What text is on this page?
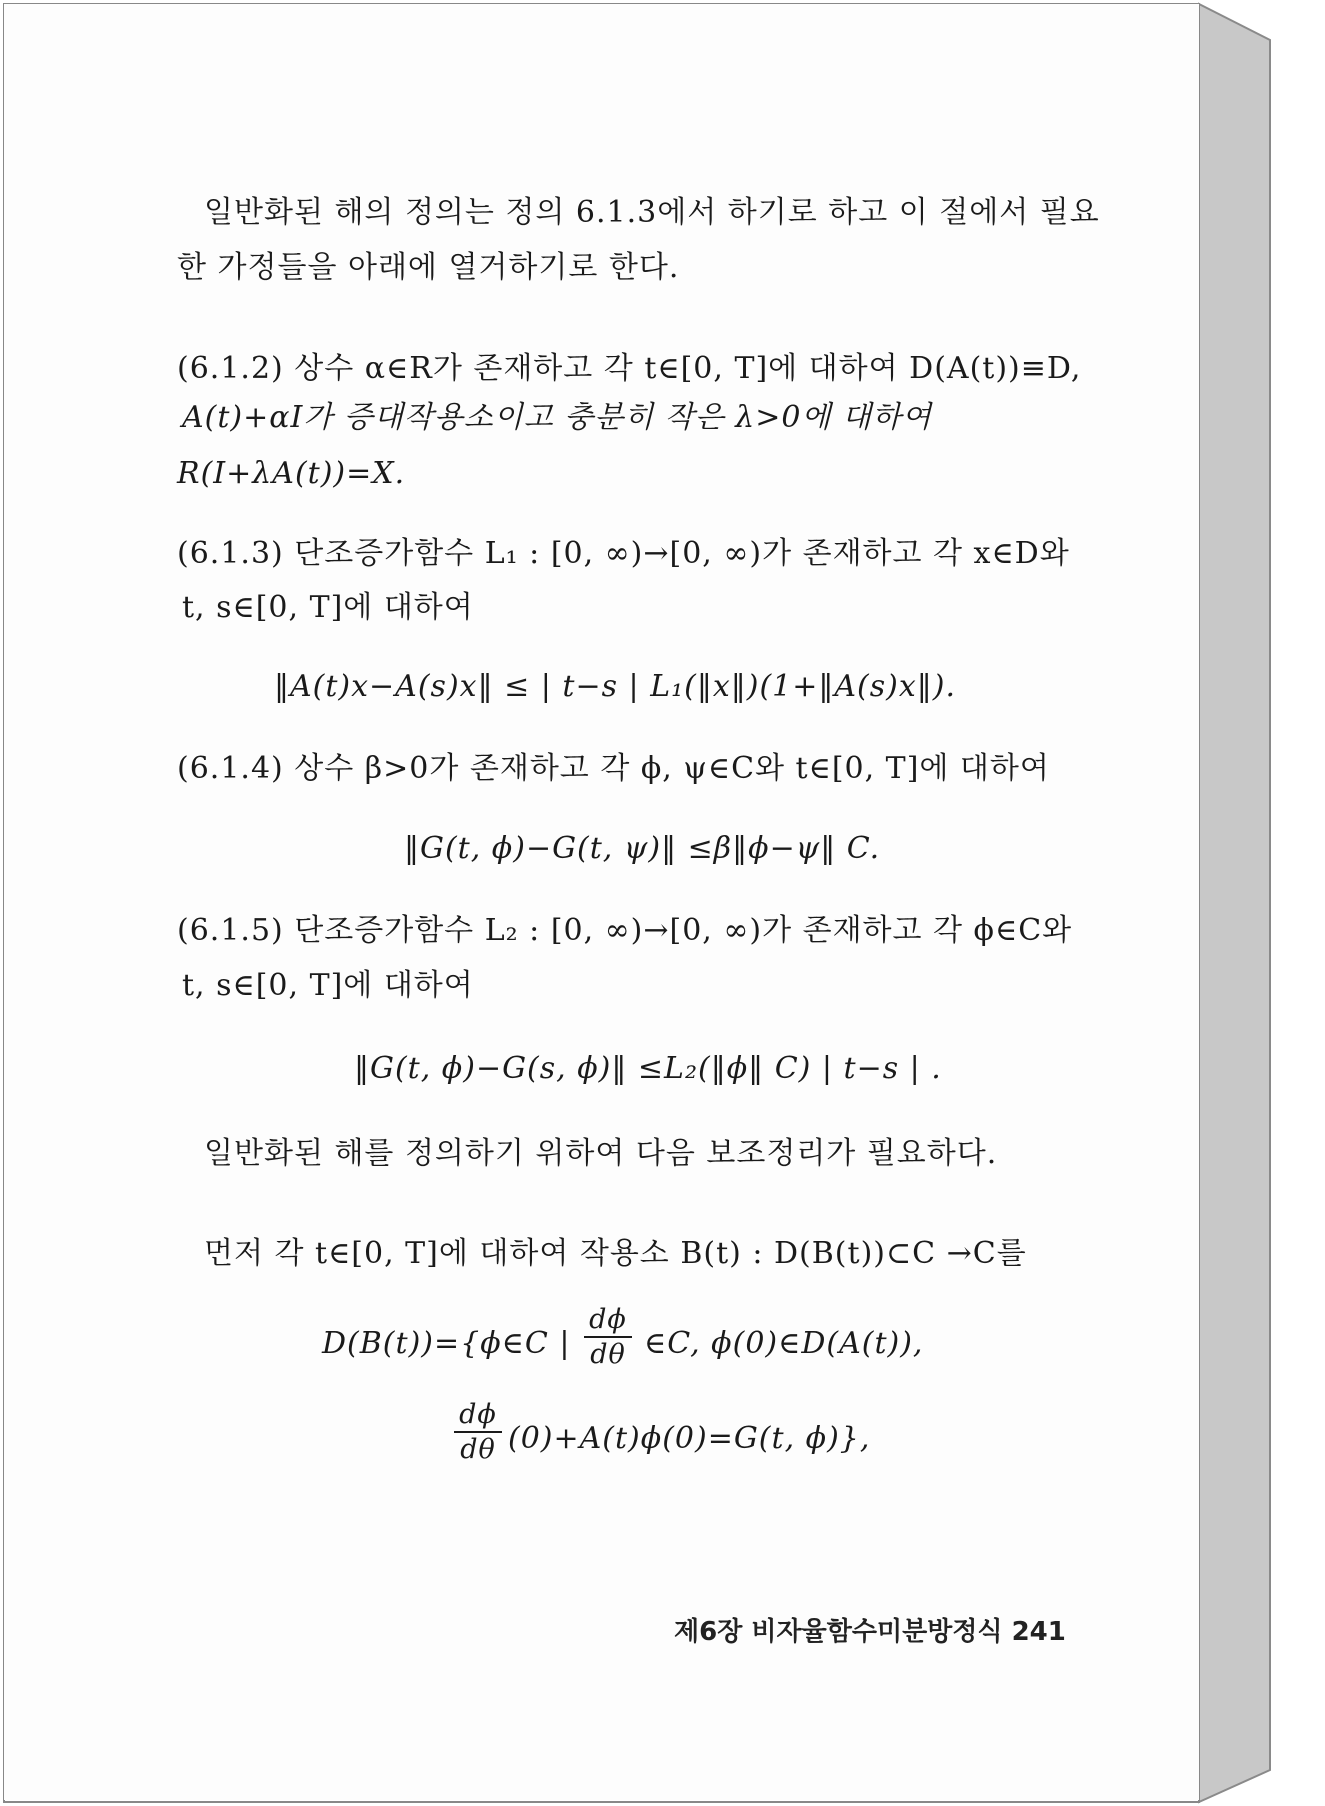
일반화된 해의 정의는 정의 6.1.3에서 하기로 하고 이 절에서 필요
한 가정들을 아래에 열거하기로 한다.
(6.1.2) 상수 α∈R가 존재하고 각 t∈[0, T]에 대하여 D(A(t))≡D,
A(t)+αI가 증대작용소이고 충분히 작은 λ>0에 대하여
R(I+λA(t))=X.
(6.1.3) 단조증가함수 L₁ : [0, ∞)→[0, ∞)가 존재하고 각 x∈D와
t, s∈[0, T]에 대하여
‖A(t)x−A(s)x‖ ≤ | t−s | L₁(‖x‖)(1+‖A(s)x‖).
(6.1.4) 상수 β>0가 존재하고 각 ϕ, ψ∈C와 t∈[0, T]에 대하여
‖G(t, ϕ)−G(t, ψ)‖ ≤β‖ϕ−ψ‖ C.
(6.1.5) 단조증가함수 L₂ : [0, ∞)→[0, ∞)가 존재하고 각 ϕ∈C와
t, s∈[0, T]에 대하여
‖G(t, ϕ)−G(s, ϕ)‖ ≤L₂(‖ϕ‖ C) | t−s | .
일반화된 해를 정의하기 위하여 다음 보조정리가 필요하다.
먼저 각 t∈[0, T]에 대하여 작용소 B(t) : D(B(t))⊂C →C를
D(B(t))={ϕ∈C | $\frac{d\phi}{d\theta}$ ∈C, ϕ(0)∈D(A(t)),
$\frac{d\phi}{d\theta} (0)+A(t)\phi(0)=G(t$, ϕ)},
제6장 비자율함수미분방정식 241
